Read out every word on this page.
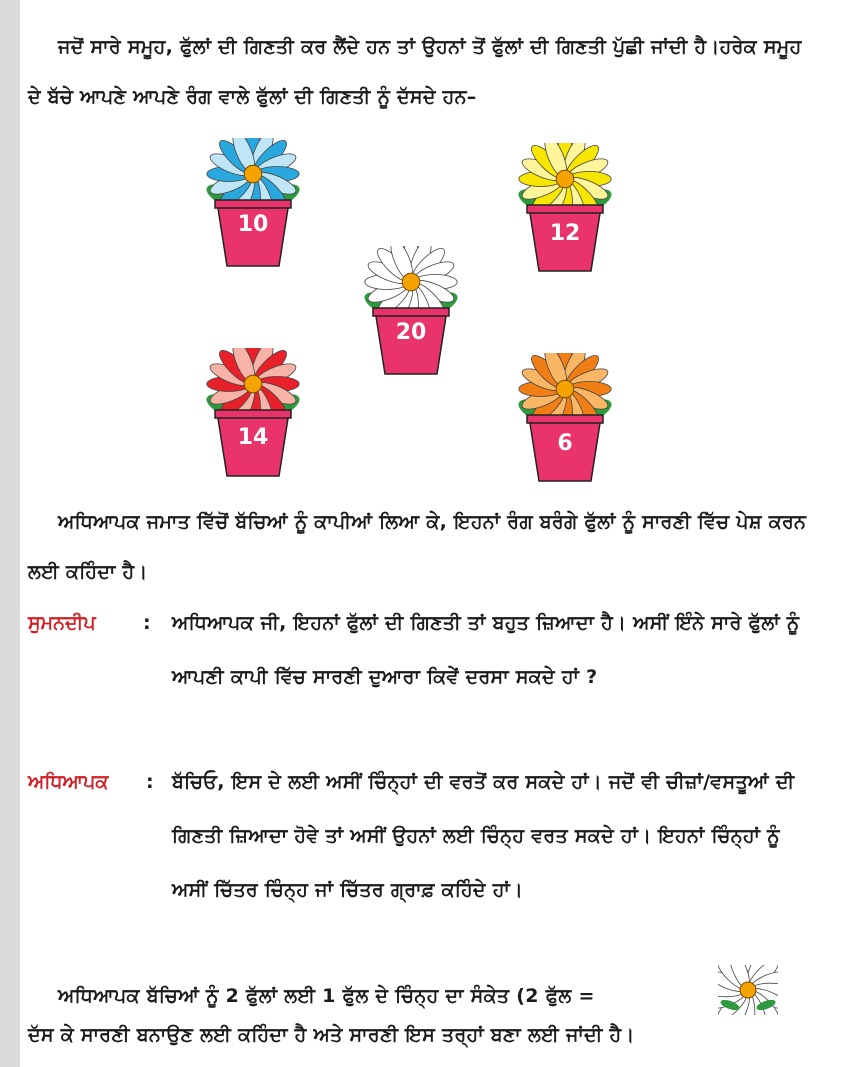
ਜਦੋਂ ਸਾਰੇ ਸਮੂਹ, ਫੁੱਲਾਂ ਦੀ ਗਿਣਤੀ ਕਰ ਲੈਂਦੇ ਹਨ ਤਾਂ ਉਹਨਾਂ ਤੋਂ ਫੁੱਲਾਂ ਦੀ ਗਿਣਤੀ ਪੁੱਛੀ ਜਾਂਦੀ ਹੈ।ਹਰੇਕ ਸਮੂਹ ਦੇ ਬੱਚੇ ਆਪਣੇ ਆਪਣੇ ਰੰਗ ਵਾਲੇ ਫੁੱਲਾਂ ਦੀ ਗਿਣਤੀ ਨੂੰ ਦੱਸਦੇ ਹਨ–
10	12
20
14	6
ਅਧਿਆਪਕ ਜਮਾਤ ਵਿੱਚੋਂ ਬੱਚਿਆਂ ਨੂੰ ਕਾਪੀਆਂ ਲਿਆ ਕੇ, ਇਹਨਾਂ ਰੰਗ ਬਰੰਗੇ ਫੁੱਲਾਂ ਨੂੰ ਸਾਰਣੀ ਵਿੱਚ ਪੇਸ਼ ਕਰਨ ਲਈ ਕਹਿੰਦਾ ਹੈ।
ਸੁਮਨਦੀਪ : ਅਧਿਆਪਕ ਜੀ, ਇਹਨਾਂ ਫੁੱਲਾਂ ਦੀ ਗਿਣਤੀ ਤਾਂ ਬਹੁਤ ਜ਼ਿਆਦਾ ਹੈ। ਅਸੀਂ ਇੰਨੇ ਸਾਰੇ ਫੁੱਲਾਂ ਨੂੰ ਆਪਣੀ ਕਾਪੀ ਵਿੱਚ ਸਾਰਣੀ ਦੁਆਰਾ ਕਿਵੇਂ ਦਰਸਾ ਸਕਦੇ ਹਾਂ ?
ਅਧਿਆਪਕ : ਬੱਚਿਓ, ਇਸ ਦੇ ਲਈ ਅਸੀਂ ਚਿੰਨ੍ਹਾਂ ਦੀ ਵਰਤੋਂ ਕਰ ਸਕਦੇ ਹਾਂ। ਜਦੋਂ ਵੀ ਚੀਜ਼ਾਂ/ਵਸਤੂਆਂ ਦੀ ਗਿਣਤੀ ਜ਼ਿਆਦਾ ਹੋਵੇ ਤਾਂ ਅਸੀਂ ਉਹਨਾਂ ਲਈ ਚਿੰਨ੍ਹ ਵਰਤ ਸਕਦੇ ਹਾਂ। ਇਹਨਾਂ ਚਿੰਨ੍ਹਾਂ ਨੂੰ ਅਸੀਂ ਚਿੱਤਰ ਚਿੰਨ੍ਹ ਜਾਂ ਚਿੱਤਰ ਗ੍ਰਾਫ਼ ਕਹਿੰਦੇ ਹਾਂ।
ਅਧਿਆਪਕ ਬੱਚਿਆਂ ਨੂੰ 2 ਫੁੱਲਾਂ ਲਈ 1 ਫੁੱਲ ਦੇ ਚਿੰਨ੍ਹ ਦਾ ਸੰਕੇਤ (2 ਫੁੱਲ =
ਦੱਸ ਕੇ ਸਾਰਣੀ ਬਨਾਉਣ ਲਈ ਕਹਿੰਦਾ ਹੈ ਅਤੇ ਸਾਰਣੀ ਇਸ ਤਰ੍ਹਾਂ ਬਣਾ ਲਈ ਜਾਂਦੀ ਹੈ।
